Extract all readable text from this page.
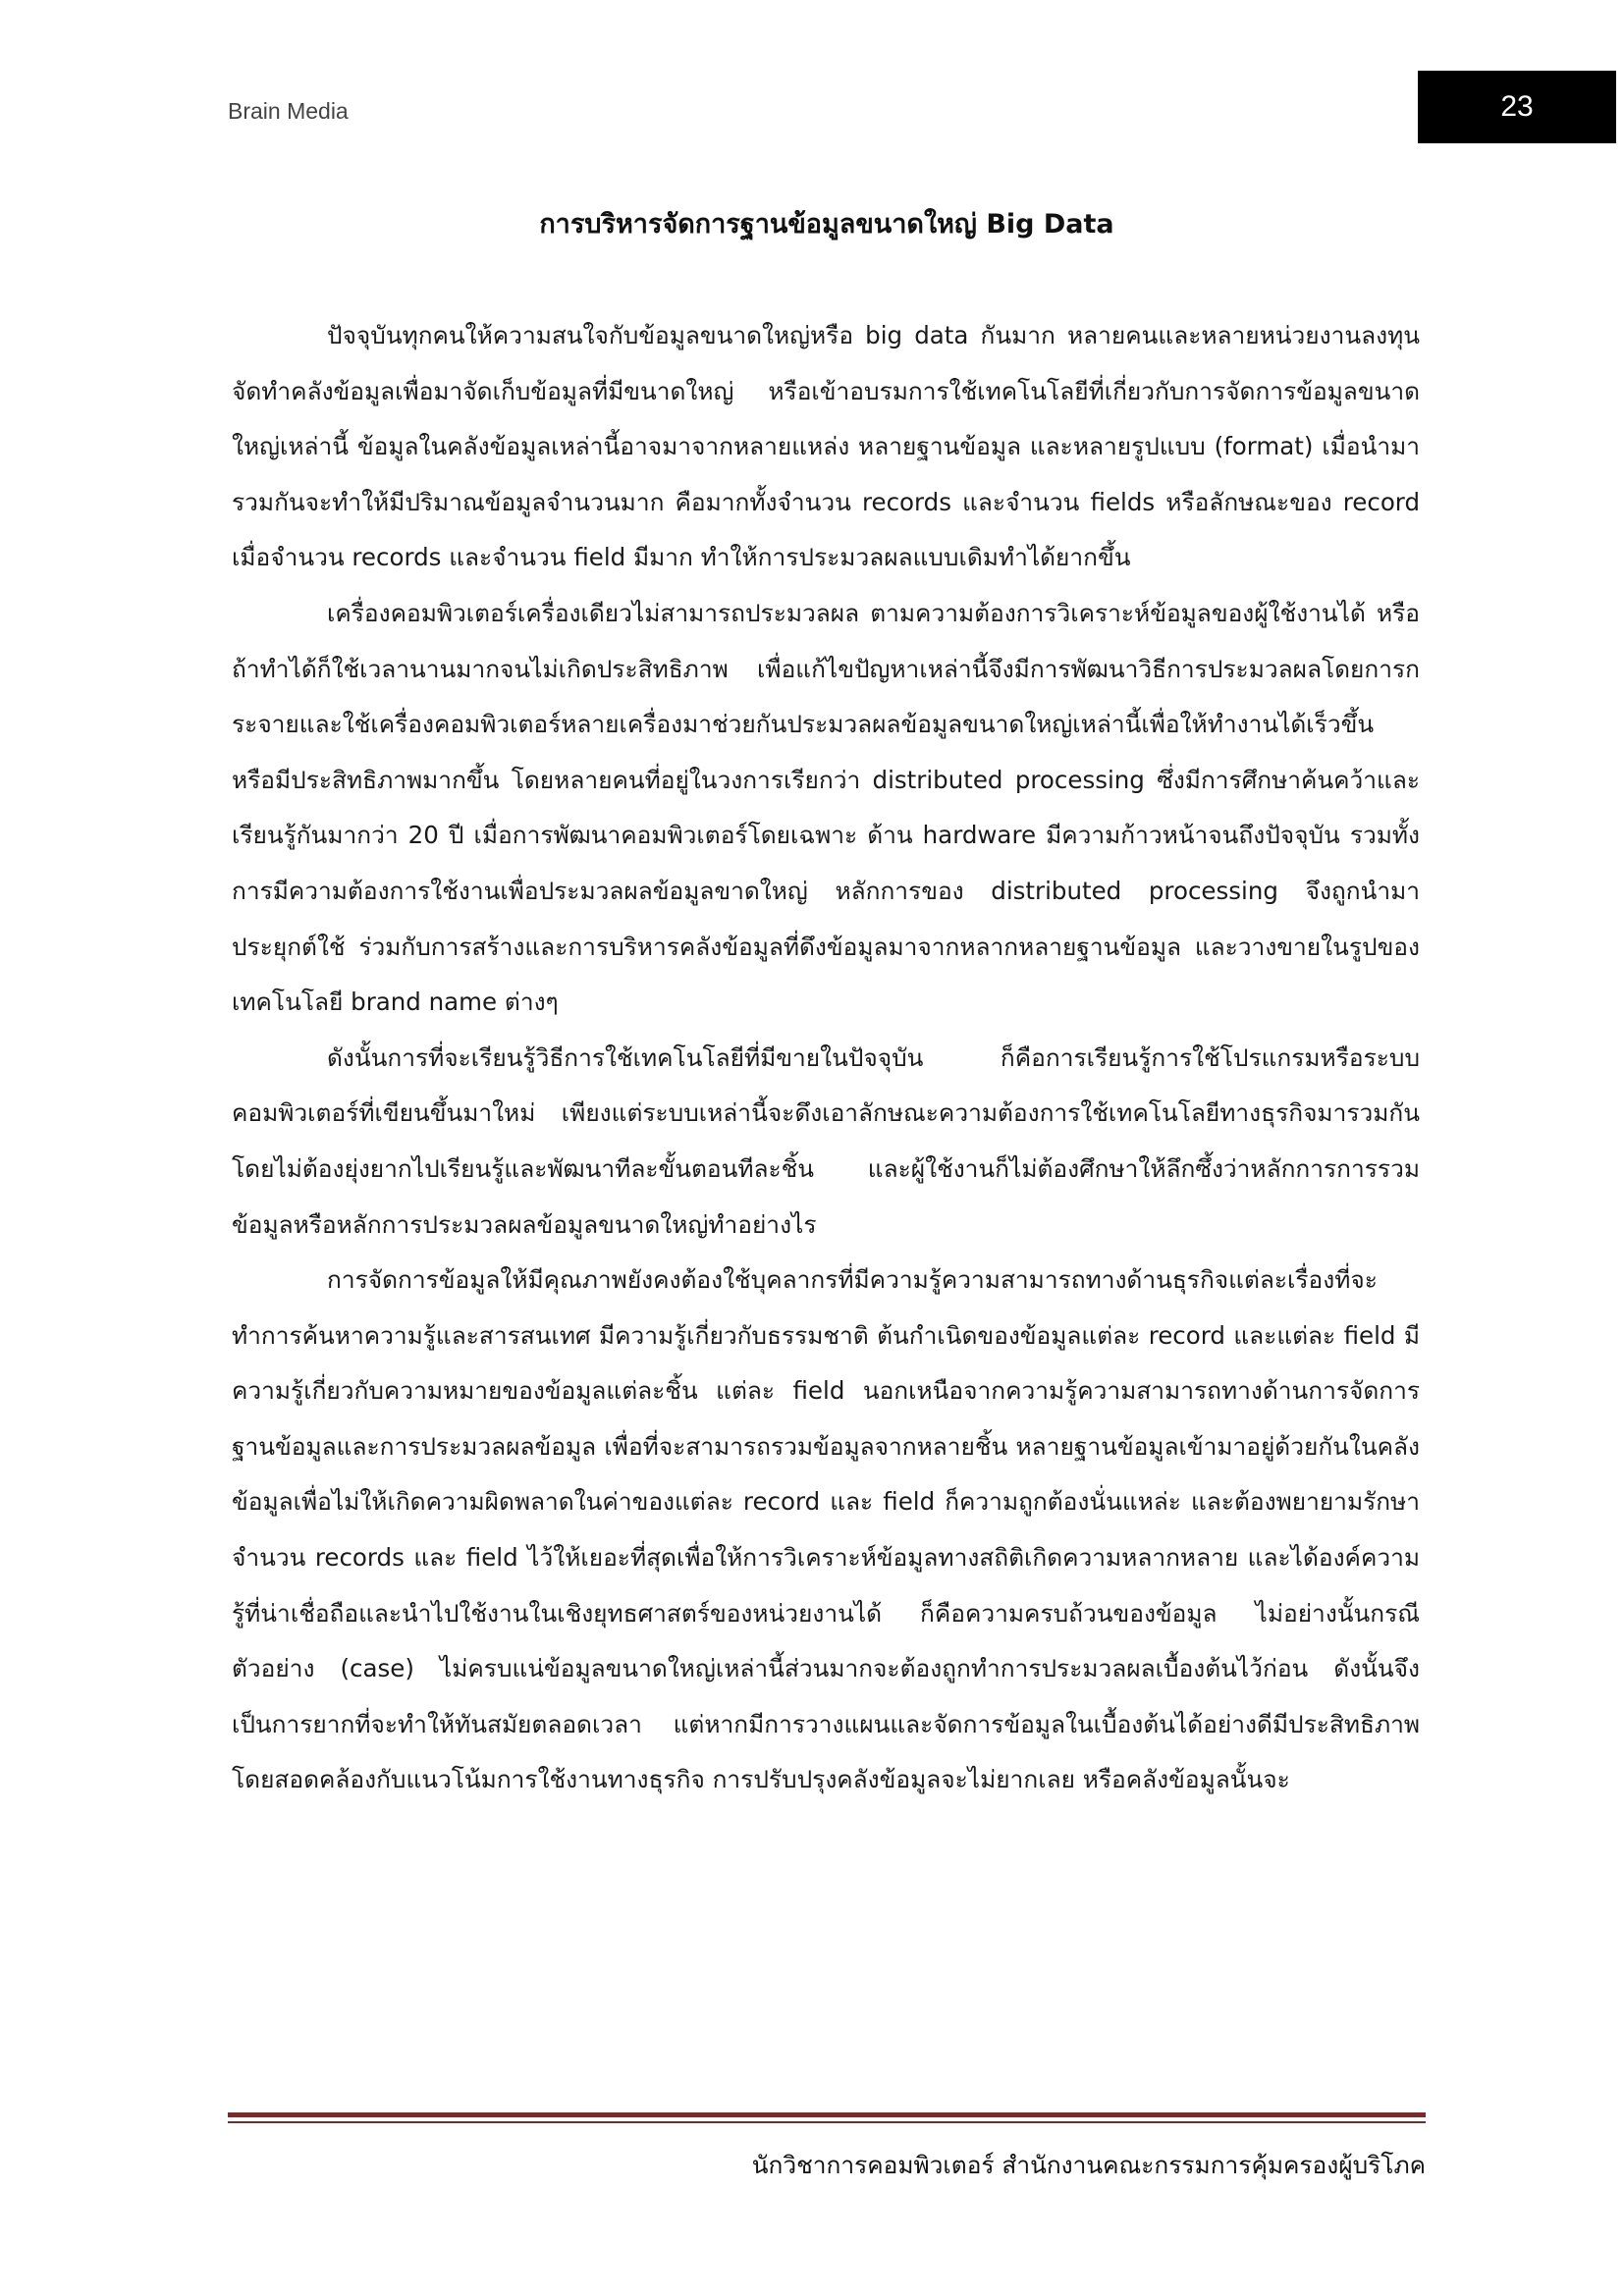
Brain Media	23
การบริหารจัดการฐานข้อมูลขนาดใหญ่ Big Data

ปัจจุบันทุกคนให้ความสนใจกับข้อมูลขนาดใหญ่หรือ big data กันมาก หลายคนและหลายหน่วยงานลงทุนจัดทำคลังข้อมูลเพื่อมาจัดเก็บข้อมูลที่มีขนาดใหญ่ หรือเข้าอบรมการใช้เทคโนโลยีที่เกี่ยวกับการจัดการข้อมูลขนาดใหญ่เหล่านี้ ข้อมูลในคลังข้อมูลเหล่านี้อาจมาจากหลายแหล่ง หลายฐานข้อมูล และหลายรูปแบบ (format) เมื่อนำมารวมกันจะทำให้มีปริมาณข้อมูลจำนวนมาก คือมากทั้งจำนวน records และจำนวน fields หรือลักษณะของ record เมื่อจำนวน records และจำนวน field มีมาก ทำให้การประมวลผลแบบเดิมทำได้ยากขึ้น

เครื่องคอมพิวเตอร์เครื่องเดียวไม่สามารถประมวลผล ตามความต้องการวิเคราะห์ข้อมูลของผู้ใช้งานได้ หรือถ้าทำได้ก็ใช้เวลานานมากจนไม่เกิดประสิทธิภาพ เพื่อแก้ไขปัญหาเหล่านี้จึงมีการพัฒนาวิธีการประมวลผลโดยการกระจายและใช้เครื่องคอมพิวเตอร์หลายเครื่องมาช่วยกันประมวลผลข้อมูลขนาดใหญ่เหล่านี้เพื่อให้ทำงานได้เร็วขึ้น หรือมีประสิทธิภาพมากขึ้น โดยหลายคนที่อยู่ในวงการเรียกว่า distributed processing ซึ่งมีการศึกษาค้นคว้าและเรียนรู้กันมากว่า 20 ปี เมื่อการพัฒนาคอมพิวเตอร์โดยเฉพาะ ด้าน hardware มีความก้าวหน้าจนถึงปัจจุบัน รวมทั้งการมีความต้องการใช้งานเพื่อประมวลผลข้อมูลขาดใหญ่ หลักการของ distributed processing จึงถูกนำมาประยุกต์ใช้ ร่วมกับการสร้างและการบริหารคลังข้อมูลที่ดึงข้อมูลมาจากหลากหลายฐานข้อมูล และวางขายในรูปของเทคโนโลยี brand name ต่างๆ

ดังนั้นการที่จะเรียนรู้วิธีการใช้เทคโนโลยีที่มีขายในปัจจุบัน ก็คือการเรียนรู้การใช้โปรแกรมหรือระบบคอมพิวเตอร์ที่เขียนขึ้นมาใหม่ เพียงแต่ระบบเหล่านี้จะดึงเอาลักษณะความต้องการใช้เทคโนโลยีทางธุรกิจมารวมกันโดยไม่ต้องยุ่งยากไปเรียนรู้และพัฒนาทีละขั้นตอนทีละชิ้น และผู้ใช้งานก็ไม่ต้องศึกษาให้ลึกซึ้งว่าหลักการการรวมข้อมูลหรือหลักการประมวลผลข้อมูลขนาดใหญ่ทำอย่างไร

การจัดการข้อมูลให้มีคุณภาพยังคงต้องใช้บุคลากรที่มีความรู้ความสามารถทางด้านธุรกิจแต่ละเรื่องที่จะทำการค้นหาความรู้และสารสนเทศ มีความรู้เกี่ยวกับธรรมชาติ ต้นกำเนิดของข้อมูลแต่ละ record และแต่ละ field มีความรู้เกี่ยวกับความหมายของข้อมูลแต่ละชิ้น แต่ละ field นอกเหนือจากความรู้ความสามารถทางด้านการจัดการฐานข้อมูลและการประมวลผลข้อมูล เพื่อที่จะสามารถรวมข้อมูลจากหลายชิ้น หลายฐานข้อมูลเข้ามาอยู่ด้วยกันในคลังข้อมูลเพื่อไม่ให้เกิดความผิดพลาดในค่าของแต่ละ record และ field ก็ความถูกต้องนั่นแหล่ะ และต้องพยายามรักษาจำนวน records และ field ไว้ให้เยอะที่สุดเพื่อให้การวิเคราะห์ข้อมูลทางสถิติเกิดความหลากหลาย และได้องค์ความรู้ที่น่าเชื่อถือและนำไปใช้งานในเชิงยุทธศาสตร์ของหน่วยงานได้ ก็คือความครบถ้วนของข้อมูล ไม่อย่างนั้นกรณีตัวอย่าง (case) ไม่ครบแน่ข้อมูลขนาดใหญ่เหล่านี้ส่วนมากจะต้องถูกทำการประมวลผลเบื้องต้นไว้ก่อน ดังนั้นจึงเป็นการยากที่จะทำให้ทันสมัยตลอดเวลา แต่หากมีการวางแผนและจัดการข้อมูลในเบื้องต้นได้อย่างดีมีประสิทธิภาพโดยสอดคล้องกับแนวโน้มการใช้งานทางธุรกิจ การปรับปรุงคลังข้อมูลจะไม่ยากเลย หรือคลังข้อมูลนั้นจะ

นักวิชาการคอมพิวเตอร์ สำนักงานคณะกรรมการคุ้มครองผู้บริโภค
